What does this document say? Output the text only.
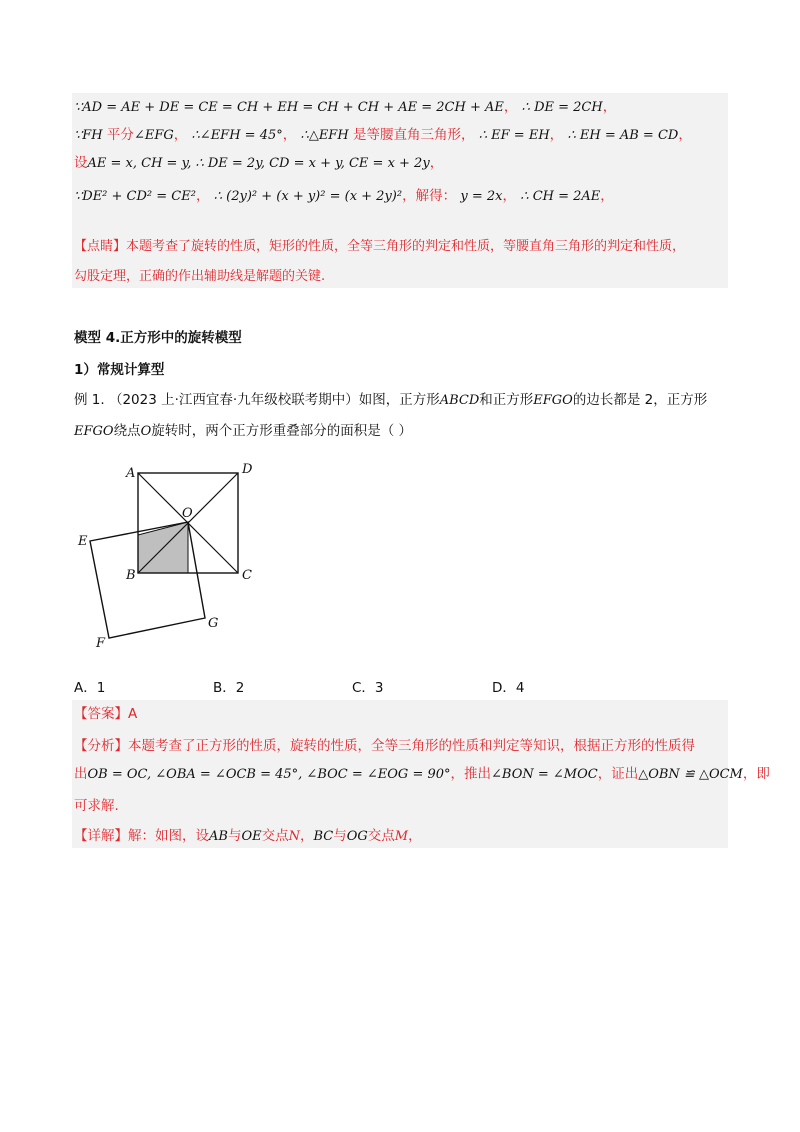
∵AD = AE + DE = CE = CH + EH = CH + CH + AE = 2CH + AE， ∴ DE = 2CH，
∵FH 平分∠EFG， ∴∠EFH = 45°， ∴△EFH 是等腰直角三角形， ∴ EF = EH， ∴ EH = AB = CD，
设AE = x, CH = y, ∴ DE = 2y, CD = x + y, CE = x + 2y，
∵DE² + CD² = CE²， ∴ (2y)² + (x + y)² = (x + 2y)²，解得： y = 2x， ∴ CH = 2AE，
【点睛】本题考查了旋转的性质，矩形的性质，全等三角形的判定和性质，等腰直角三角形的判定和性质，
勾股定理，正确的作出辅助线是解题的关键.
模型 4.正方形中的旋转模型
1）常规计算型
例 1. （2023 上·江西宜春·九年级校联考期中）如图，正方形ABCD和正方形EFGO的边长都是 2，正方形
EFGO绕点O旋转时，两个正方形重叠部分的面积是（ ）
A	D
O
E
B	C
G
F
A．1	B．2	C．3	D．4
【答案】A
【分析】本题考查了正方形的性质，旋转的性质，全等三角形的性质和判定等知识，根据正方形的性质得
出OB = OC, ∠OBA = ∠OCB = 45°, ∠BOC = ∠EOG = 90°，推出∠BON = ∠MOC，证出△OBN ≌ △OCM，即
可求解.
【详解】解：如图，设AB与OE交点N，BC与OG交点M，
